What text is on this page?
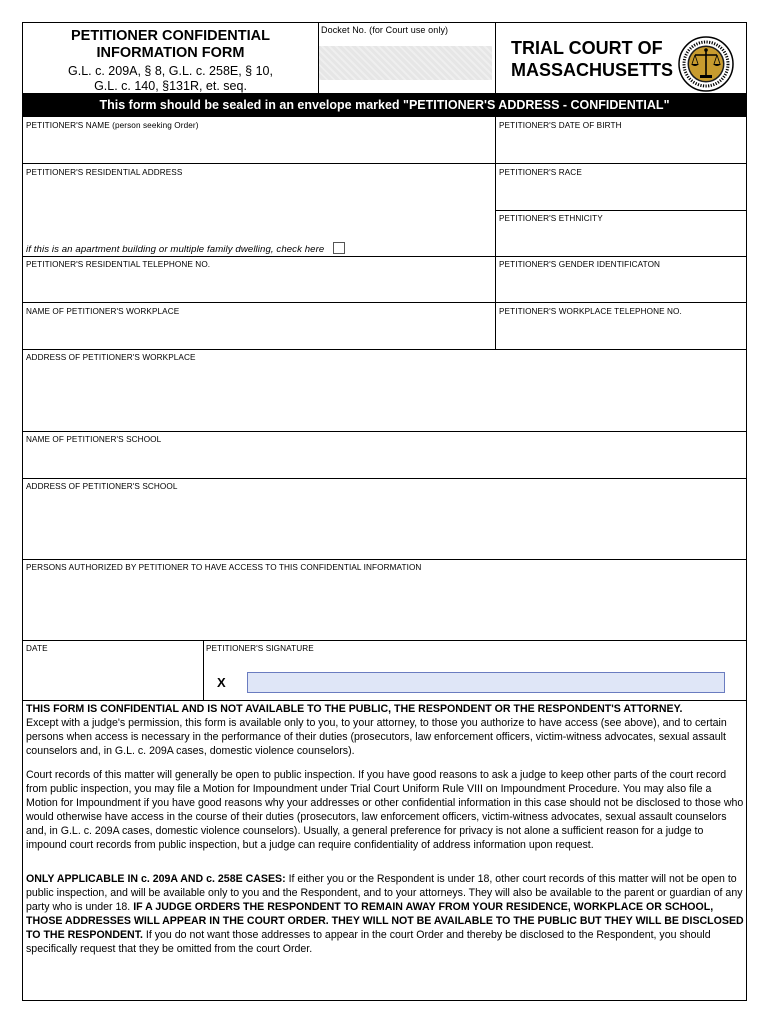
PETITIONER CONFIDENTIAL
INFORMATION FORM
G.L. c. 209A, § 8, G.L. c. 258E, § 10,
G.L. c. 140, §131R, et. seq.
Docket No. (for Court use only)
TRIAL COURT OF
MASSACHUSETTS
This form should be sealed in an envelope marked "PETITIONER'S ADDRESS - CONFIDENTIAL"
PETITIONER'S NAME (person seeking Order)	PETITIONER'S DATE OF BIRTH
PETITIONER'S RESIDENTIAL ADDRESS	PETITIONER'S RACE
PETITIONER'S ETHNICITY
if this is an apartment building or multiple family dwelling, check here
PETITIONER'S RESIDENTIAL TELEPHONE NO.	PETITIONER'S GENDER IDENTIFICATON
NAME OF PETITIONER'S WORKPLACE	PETITIONER'S WORKPLACE TELEPHONE NO.
ADDRESS OF PETITIONER'S WORKPLACE
NAME OF PETITIONER'S SCHOOL
ADDRESS OF PETITIONER'S SCHOOL
PERSONS AUTHORIZED BY PETITIONER TO HAVE ACCESS TO THIS CONFIDENTIAL INFORMATION
DATE	PETITIONER'S SIGNATURE
X
THIS FORM IS CONFIDENTIAL AND IS NOT AVAILABLE TO THE PUBLIC, THE RESPONDENT OR THE RESPONDENT'S ATTORNEY.
Except with a judge's permission, this form is available only to you, to your attorney, to those you authorize to have access (see above), and to certain persons when access is necessary in the performance of their duties (prosecutors, law enforcement officers, victim-witness advocates, sexual assault counselors and, in G.L. c. 209A cases, domestic violence counselors).
Court records of this matter will generally be open to public inspection. If you have good reasons to ask a judge to keep other parts of the court record from public inspection, you may file a Motion for Impoundment under Trial Court Uniform Rule VIII on Impoundment Procedure. You may also file a Motion for Impoundment if you have good reasons why your addresses or other confidential information in this case should not be disclosed to those who would otherwise have access in the course of their duties (prosecutors, law enforcement officers, victim-witness advocates, sexual assault counselors and, in G.L. c. 209A cases, domestic violence counselors). Usually, a general preference for privacy is not alone a sufficient reason for a judge to impound court records from public inspection, but a judge can require confidentiality of address information upon request.
ONLY APPLICABLE IN c. 209A AND c. 258E CASES: If either you or the Respondent is under 18, other court records of this matter will not be open to public inspection, and will be available only to you and the Respondent, and to your attorneys. They will also be available to the parent or guardian of any party who is under 18. IF A JUDGE ORDERS THE RESPONDENT TO REMAIN AWAY FROM YOUR RESIDENCE, WORKPLACE OR SCHOOL, THOSE ADDRESSES WILL APPEAR IN THE COURT ORDER. THEY WILL NOT BE AVAILABLE TO THE PUBLIC BUT THEY WILL BE DISCLOSED TO THE RESPONDENT. If you do not want those addresses to appear in the court Order and thereby be disclosed to the Respondent, you should specifically request that they be omitted from the court Order.
